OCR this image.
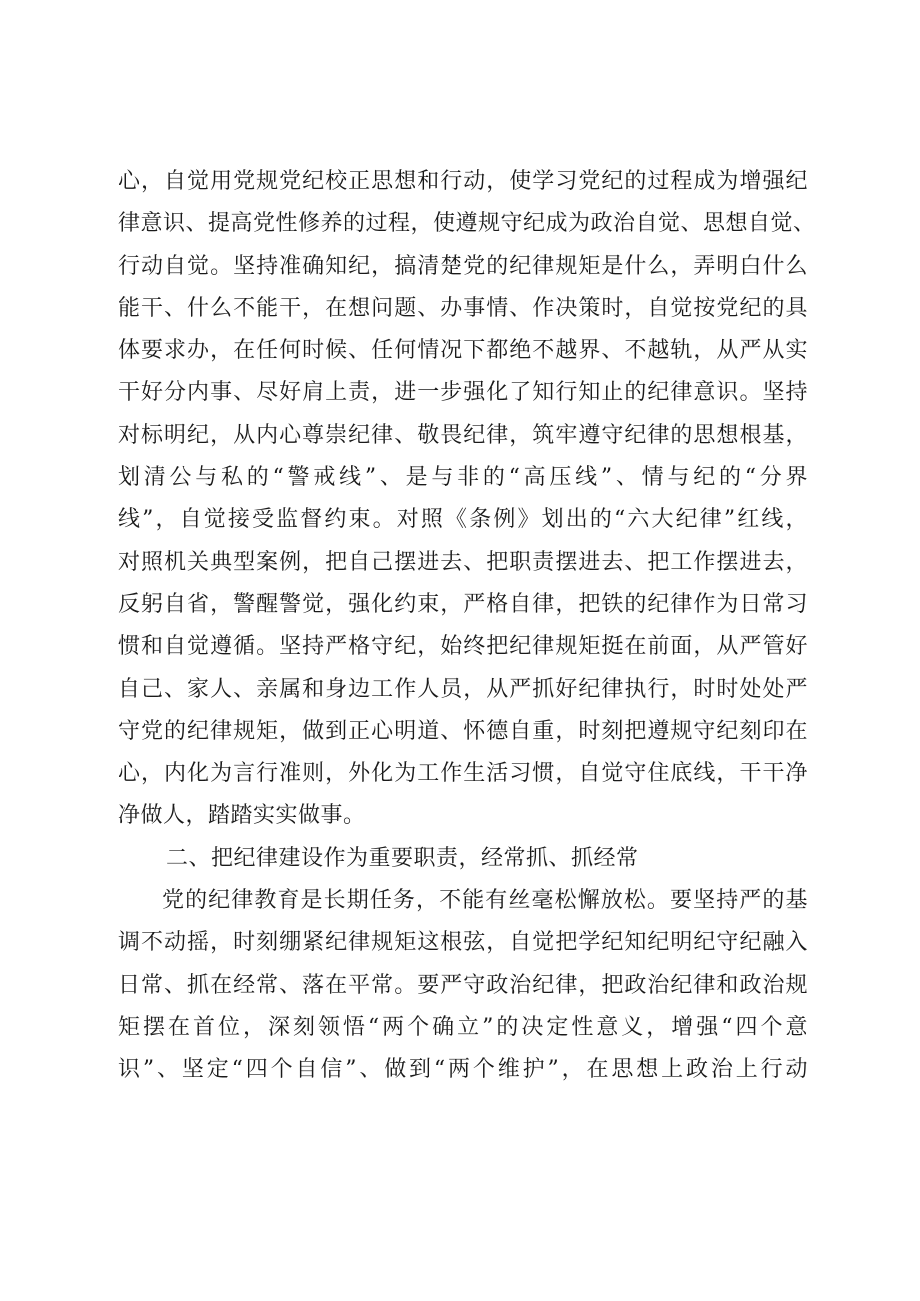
心，自觉用党规党纪校正思想和行动，使学习党纪的过程成为增强纪
律意识、提高党性修养的过程，使遵规守纪成为政治自觉、思想自觉、
行动自觉。坚持准确知纪，搞清楚党的纪律规矩是什么，弄明白什么
能干、什么不能干，在想问题、办事情、作决策时，自觉按党纪的具
体要求办，在任何时候、任何情况下都绝不越界、不越轨，从严从实
干好分内事、尽好肩上责，进一步强化了知行知止的纪律意识。坚持
对标明纪，从内心尊崇纪律、敬畏纪律，筑牢遵守纪律的思想根基，
划清公与私的“警戒线”、是与非的“高压线”、情与纪的“分界
线”，自觉接受监督约束。对照《条例》划出的“六大纪律”红线，
对照机关典型案例，把自己摆进去、把职责摆进去、把工作摆进去，
反躬自省，警醒警觉，强化约束，严格自律，把铁的纪律作为日常习
惯和自觉遵循。坚持严格守纪，始终把纪律规矩挺在前面，从严管好
自己、家人、亲属和身边工作人员，从严抓好纪律执行，时时处处严
守党的纪律规矩，做到正心明道、怀德自重，时刻把遵规守纪刻印在
心，内化为言行准则，外化为工作生活习惯，自觉守住底线，干干净
净做人，踏踏实实做事。
二、把纪律建设作为重要职责，经常抓、抓经常
党的纪律教育是长期任务，不能有丝毫松懈放松。要坚持严的基
调不动摇，时刻绷紧纪律规矩这根弦，自觉把学纪知纪明纪守纪融入
日常、抓在经常、落在平常。要严守政治纪律，把政治纪律和政治规
矩摆在首位，深刻领悟“两个确立”的决定性意义，增强“四个意
识”、坚定“四个自信”、做到“两个维护”，在思想上政治上行动
